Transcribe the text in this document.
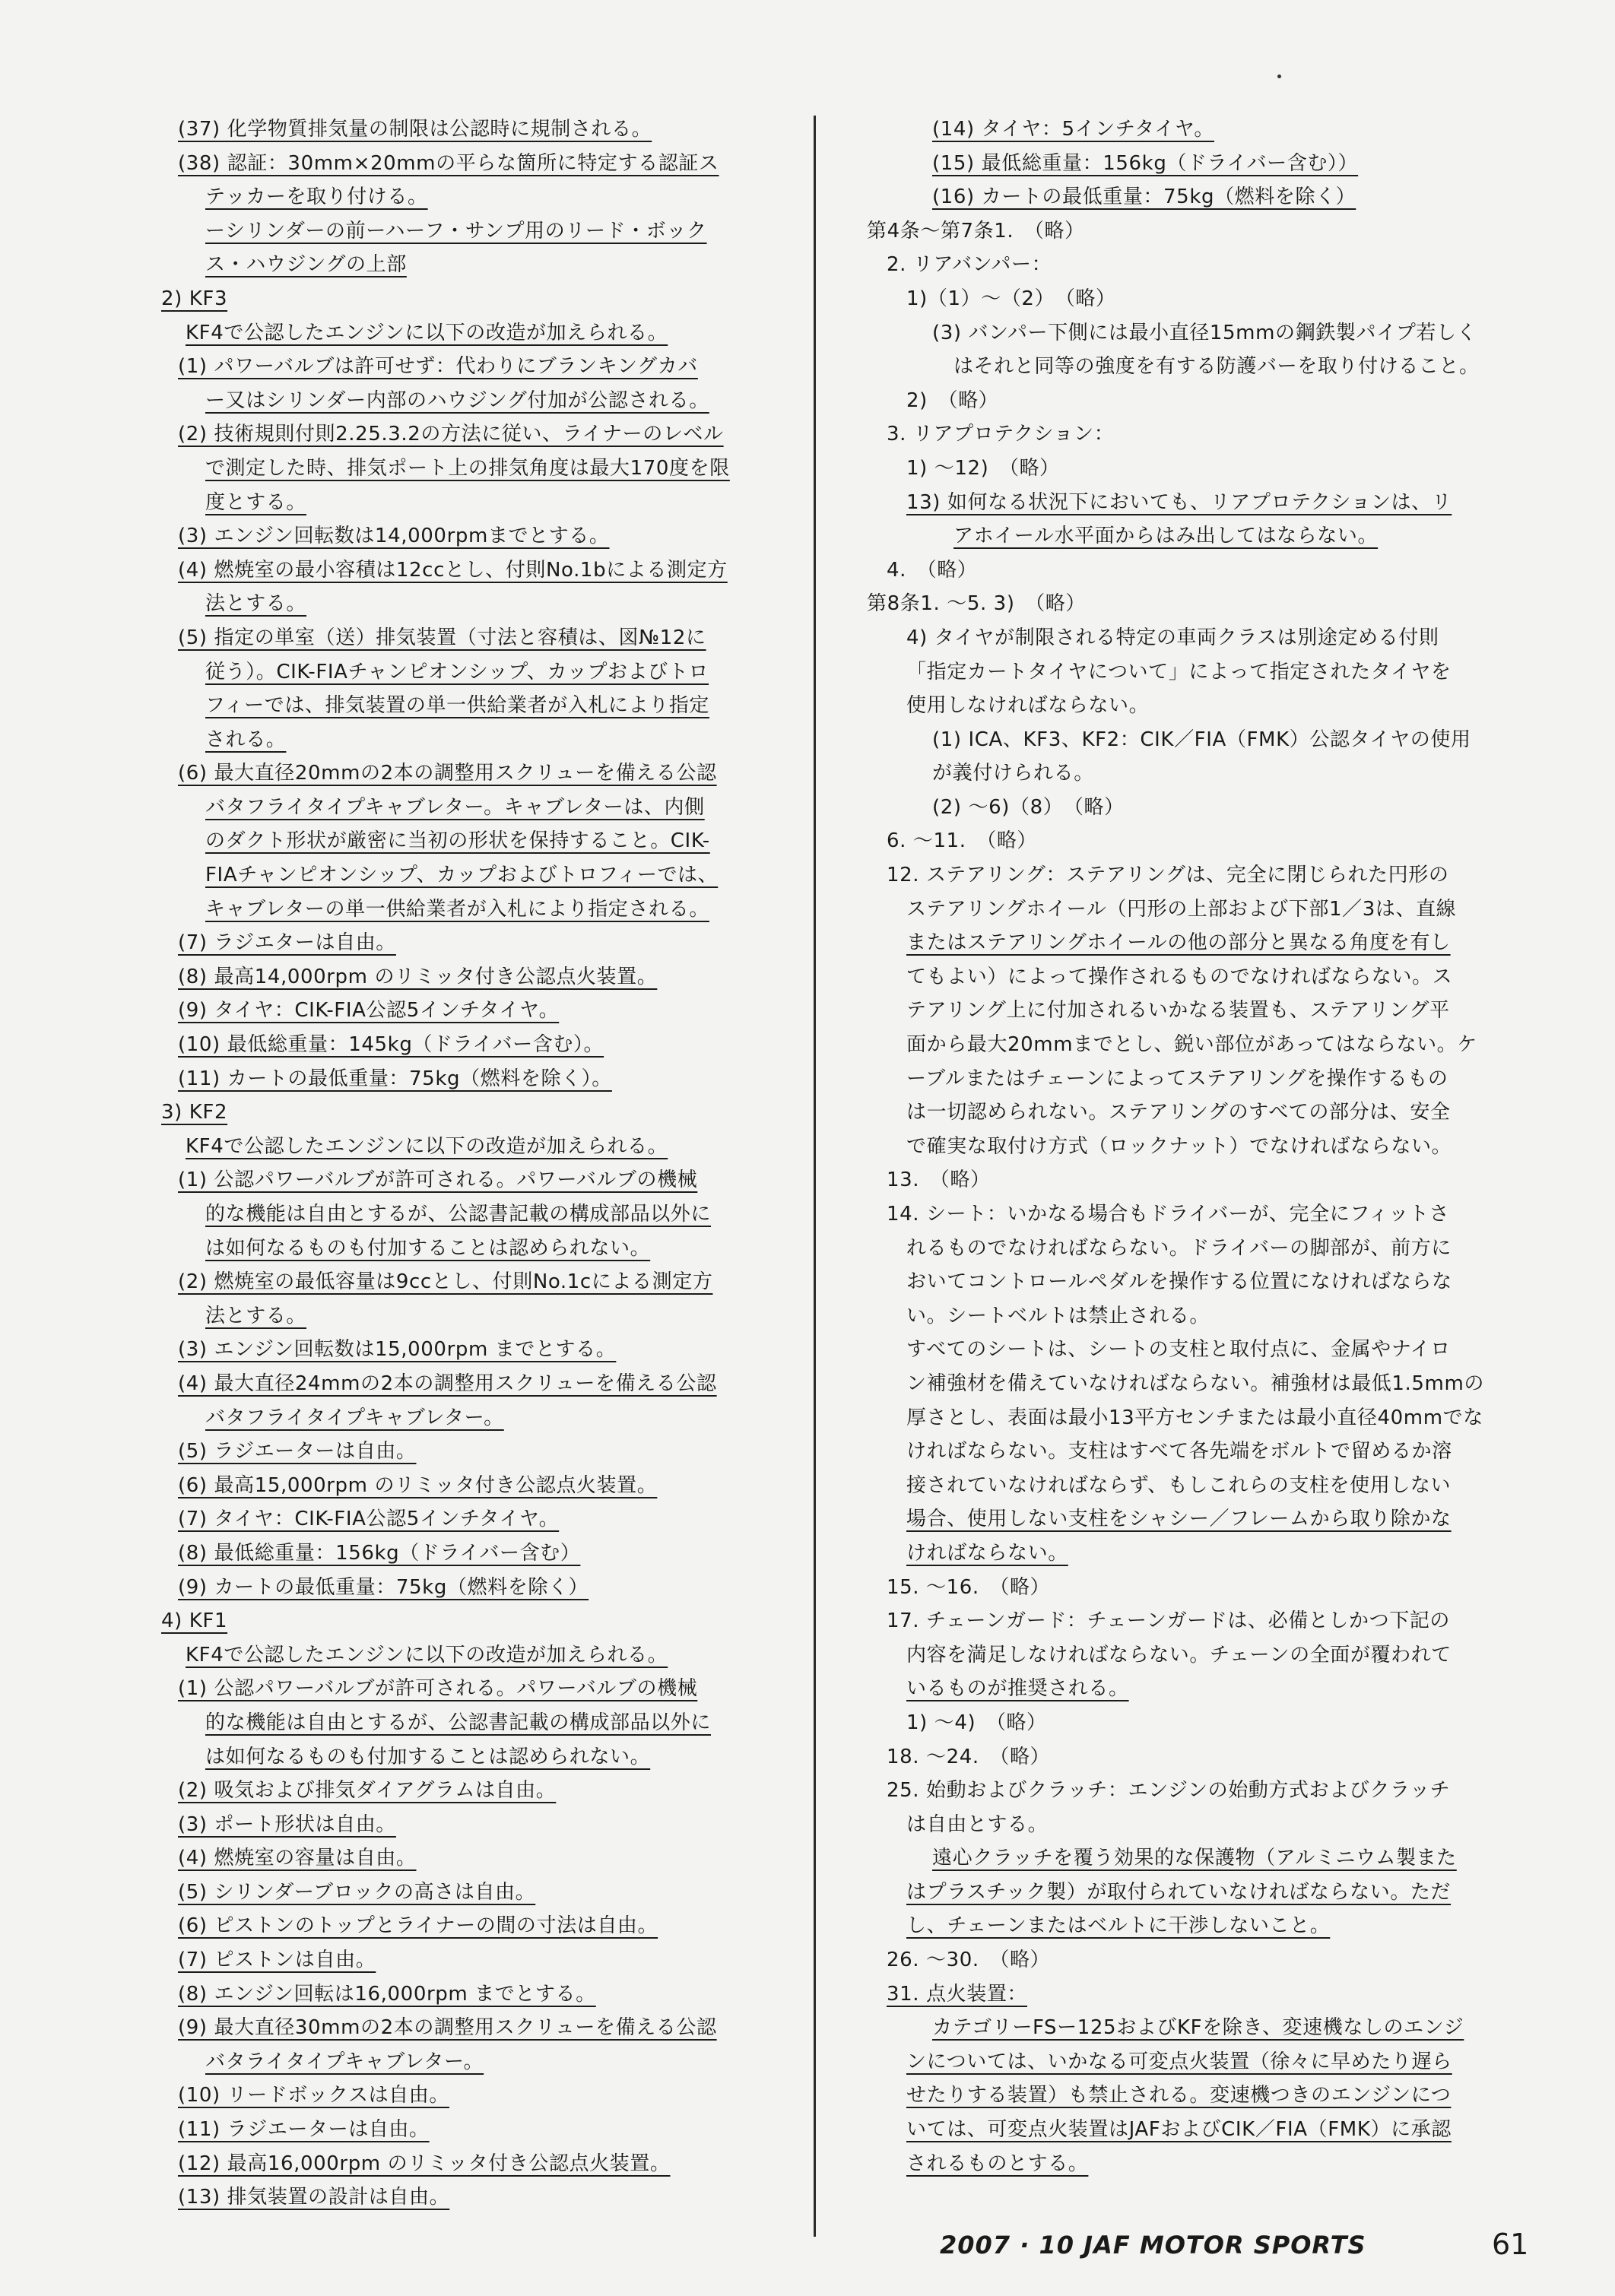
(37) 化学物質排気量の制限は公認時に規制される。
(38) 認証：30mm×20mmの平らな箇所に特定する認証ス
テッカーを取り付ける。
ーシリンダーの前ーハーフ・サンプ用のリード・ボック
ス・ハウジングの上部
2) KF3
KF4で公認したエンジンに以下の改造が加えられる。
(1) パワーバルブは許可せず：代わりにブランキングカバ
ー又はシリンダー内部のハウジング付加が公認される。
(2) 技術規則付則2.25.3.2の方法に従い、ライナーのレベル
で測定した時、排気ポート上の排気角度は最大170度を限
度とする。
(3) エンジン回転数は14,000rpmまでとする。
(4) 燃焼室の最小容積は12ccとし、付則No.1bによる測定方
法とする。
(5) 指定の単室（送）排気装置（寸法と容積は、図№12に
従う）。CIK-FIAチャンピオンシップ、カップおよびトロ
フィーでは、排気装置の単一供給業者が入札により指定
される。
(6) 最大直径20mmの2本の調整用スクリューを備える公認
バタフライタイプキャブレター。キャブレターは、内側
のダクト形状が厳密に当初の形状を保持すること。CIK-
FIAチャンピオンシップ、カップおよびトロフィーでは、
キャブレターの単一供給業者が入札により指定される。
(7) ラジエターは自由。
(8) 最高14,000rpm のリミッタ付き公認点火装置。
(9) タイヤ：CIK-FIA公認5インチタイヤ。
(10) 最低総重量：145kg（ドライバー含む）。
(11) カートの最低重量：75kg（燃料を除く）。
3) KF2
KF4で公認したエンジンに以下の改造が加えられる。
(1) 公認パワーバルブが許可される。パワーバルブの機械
的な機能は自由とするが、公認書記載の構成部品以外に
は如何なるものも付加することは認められない。
(2) 燃焼室の最低容量は9ccとし、付則No.1cによる測定方
法とする。
(3) エンジン回転数は15,000rpm までとする。
(4) 最大直径24mmの2本の調整用スクリューを備える公認
バタフライタイプキャブレター。
(5) ラジエーターは自由。
(6) 最高15,000rpm のリミッタ付き公認点火装置。
(7) タイヤ：CIK-FIA公認5インチタイヤ。
(8) 最低総重量：156kg（ドライバー含む）
(9) カートの最低重量：75kg（燃料を除く）
4) KF1
KF4で公認したエンジンに以下の改造が加えられる。
(1) 公認パワーバルブが許可される。パワーバルブの機械
的な機能は自由とするが、公認書記載の構成部品以外に
は如何なるものも付加することは認められない。
(2) 吸気および排気ダイアグラムは自由。
(3) ポート形状は自由。
(4) 燃焼室の容量は自由。
(5) シリンダーブロックの高さは自由。
(6) ピストンのトップとライナーの間の寸法は自由。
(7) ピストンは自由。
(8) エンジン回転は16,000rpm までとする。
(9) 最大直径30mmの2本の調整用スクリューを備える公認
バタライタイプキャブレター。
(10) リードボックスは自由。
(11) ラジエーターは自由。
(12) 最高16,000rpm のリミッタ付き公認点火装置。
(13) 排気装置の設計は自由。
(14) タイヤ：5インチタイヤ。
(15) 最低総重量：156kg（ドライバー含む））
(16) カートの最低重量：75kg（燃料を除く）
第4条～第7条1.　（略）
2. リアバンパー：
1)（1）～（2）　（略）
(3) バンパー下側には最小直径15mmの鋼鉄製パイプ若しく
はそれと同等の強度を有する防護バーを取り付けること。
2)　（略）
3. リアプロテクション：
1) ～12)　（略）
13) 如何なる状況下においても、リアプロテクションは、リ
アホイール水平面からはみ出してはならない。
4.　（略）
第8条1. ～5. 3)　（略）
4) タイヤが制限される特定の車両クラスは別途定める付則
「指定カートタイヤについて」によって指定されたタイヤを
使用しなければならない。
(1) ICA、KF3、KF2：CIK／FIA（FMK）公認タイヤの使用
が義付けられる。
(2) ～6)（8）　（略）
6. ～11.　（略）
12. ステアリング：ステアリングは、完全に閉じられた円形の
ステアリングホイール（円形の上部および下部1／3は、直線
またはステアリングホイールの他の部分と異なる角度を有し
てもよい）によって操作されるものでなければならない。ス
テアリング上に付加されるいかなる装置も、ステアリング平
面から最大20mmまでとし、鋭い部位があってはならない。ケ
ーブルまたはチェーンによってステアリングを操作するもの
は一切認められない。ステアリングのすべての部分は、安全
で確実な取付け方式（ロックナット）でなければならない。
13.　（略）
14. シート：いかなる場合もドライバーが、完全にフィットさ
れるものでなければならない。ドライバーの脚部が、前方に
おいてコントロールペダルを操作する位置になければならな
い。シートベルトは禁止される。
すべてのシートは、シートの支柱と取付点に、金属やナイロ
ン補強材を備えていなければならない。補強材は最低1.5mmの
厚さとし、表面は最小13平方センチまたは最小直径40mmでな
ければならない。支柱はすべて各先端をボルトで留めるか溶
接されていなければならず、もしこれらの支柱を使用しない
場合、使用しない支柱をシャシー／フレームから取り除かな
ければならない。
15. ～16.　（略）
17. チェーンガード：チェーンガードは、必備としかつ下記の
内容を満足しなければならない。チェーンの全面が覆われて
いるものが推奨される。
1) ～4)　（略）
18. ～24.　（略）
25. 始動およびクラッチ：エンジンの始動方式およびクラッチ
は自由とする。
遠心クラッチを覆う効果的な保護物（アルミニウム製また
はプラスチック製）が取付られていなければならない。ただ
し、チェーンまたはベルトに干渉しないこと。
26. ～30.　（略）
31. 点火装置：
カテゴリーFSー125およびKFを除き、変速機なしのエンジ
ンについては、いかなる可変点火装置（徐々に早めたり遅ら
せたりする装置）も禁止される。変速機つきのエンジンにつ
いては、可変点火装置はJAFおよびCIK／FIA（FMK）に承認
されるものとする。
2007 · 10 JAF MOTOR SPORTS	61
